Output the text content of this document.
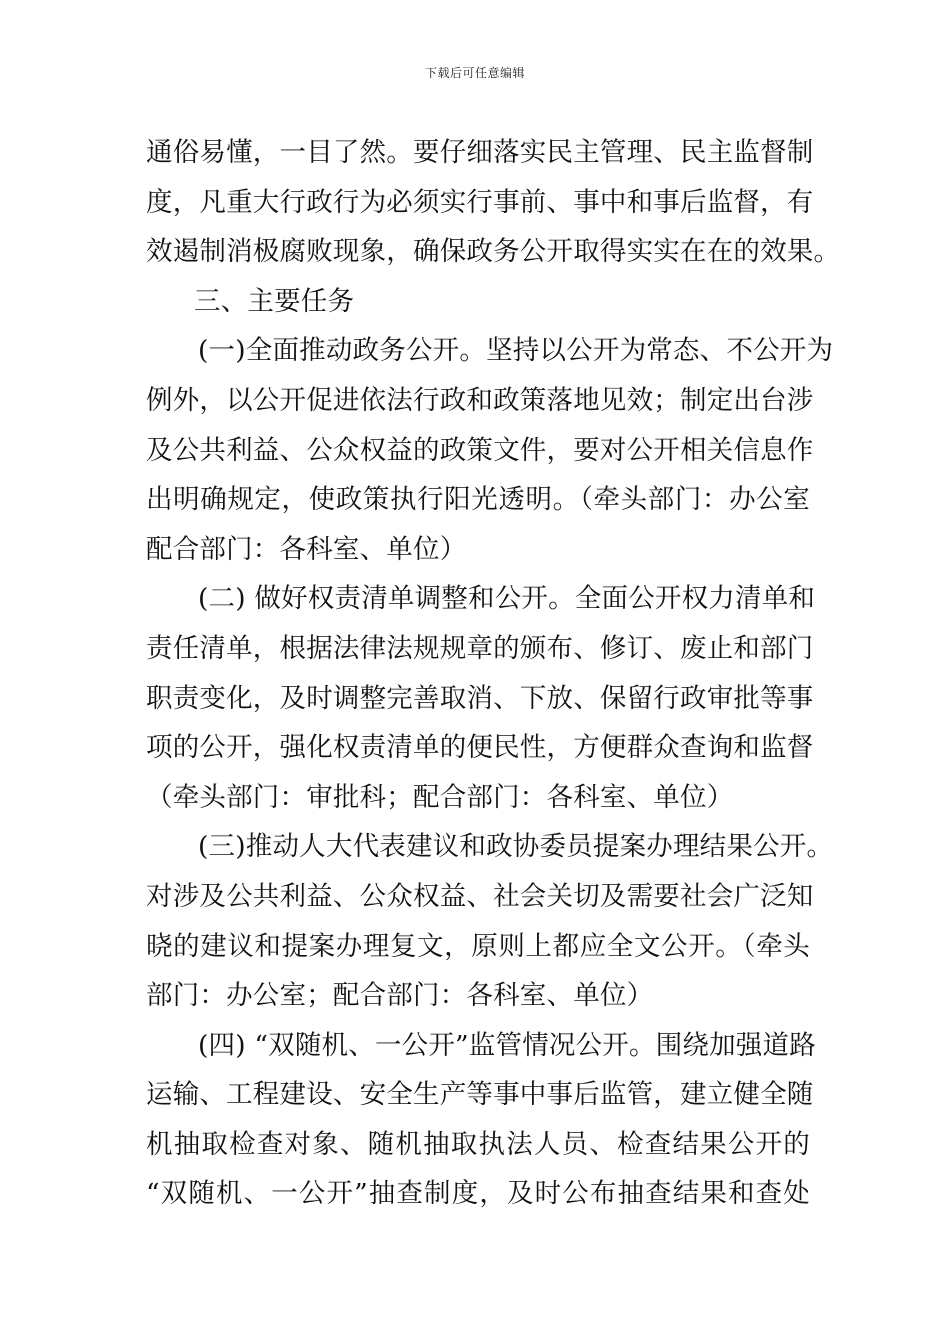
下载后可任意编辑
通俗易懂，一目了然。要仔细落实民主管理、民主监督制
度，凡重大行政行为必须实行事前、事中和事后监督，有
效遏制消极腐败现象，确保政务公开取得实实在在的效果。
三、主要任务
(一)全面推动政务公开。坚持以公开为常态、不公开为
例外，以公开促进依法行政和政策落地见效；制定出台涉
及公共利益、公众权益的政策文件，要对公开相关信息作
出明确规定，使政策执行阳光透明。（牵头部门：办公室
配合部门：各科室、单位）
(二) 做好权责清单调整和公开。全面公开权力清单和
责任清单，根据法律法规规章的颁布、修订、废止和部门
职责变化，及时调整完善取消、下放、保留行政审批等事
项的公开，强化权责清单的便民性，方便群众查询和监督
（牵头部门：审批科；配合部门：各科室、单位）
(三)推动人大代表建议和政协委员提案办理结果公开。
对涉及公共利益、公众权益、社会关切及需要社会广泛知
晓的建议和提案办理复文，原则上都应全文公开。（牵头
部门：办公室；配合部门：各科室、单位）
(四) “双随机、一公开”监管情况公开。围绕加强道路
运输、工程建设、安全生产等事中事后监管，建立健全随
机抽取检查对象、随机抽取执法人员、检查结果公开的
“双随机、一公开”抽查制度，及时公布抽查结果和查处
